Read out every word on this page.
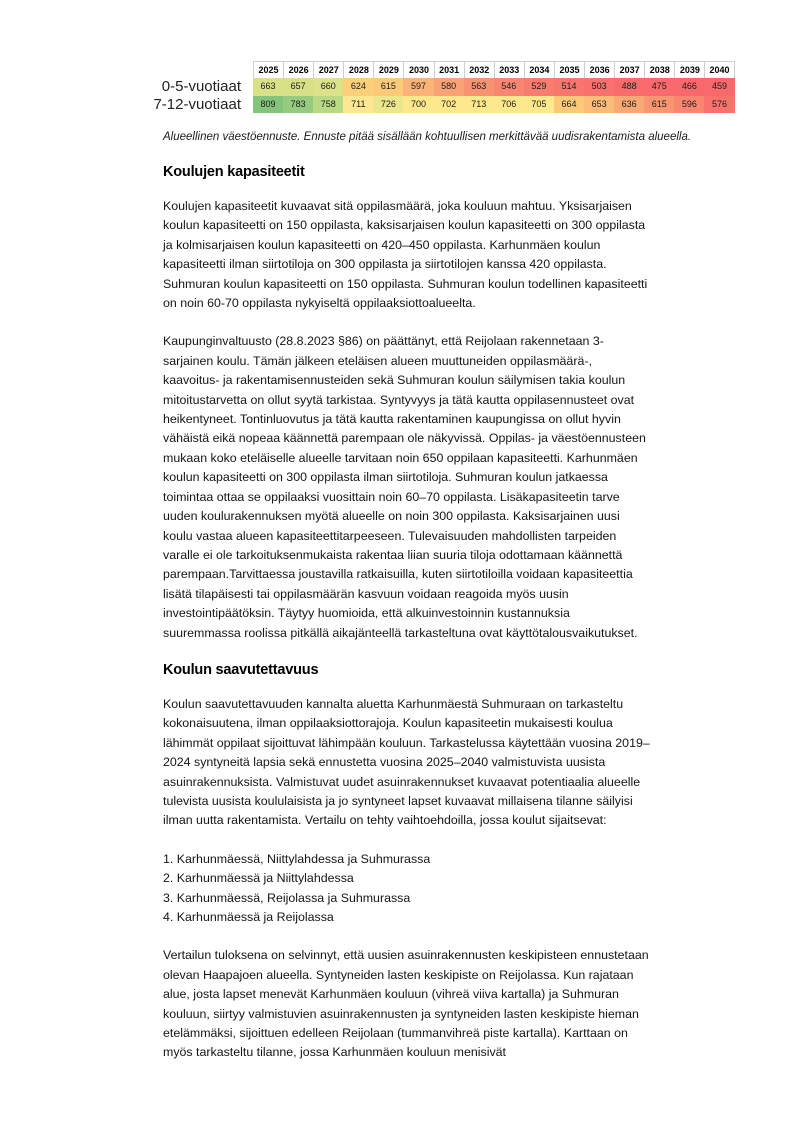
2025	2026	2027	2028	2029	2030	2031	2032	2033	2034	2035	2036	2037	2038	2039	2040
0-5-vuotiaat	663	657	660	624	615	597	580	563	546	529	514	503	488	475	466	459
7-12-vuotiaat	809	783	758	711	726	700	702	713	706	705	664	653	636	615	596	576
Alueellinen väestöennuste. Ennuste pitää sisällään kohtuullisen merkittävää uudisrakentamista alueella.
Koulujen kapasiteetit

Koulujen kapasiteetit kuvaavat sitä oppilasmäärä, joka kouluun mahtuu. Yksisarjaisen koulun kapasiteetti on 150 oppilasta, kaksisarjaisen koulun kapasiteetti on 300 oppilasta ja kolmisarjaisen koulun kapasiteetti on 420–450 oppilasta. Karhunmäen koulun kapasiteetti ilman siirtotiloja on 300 oppilasta ja siirtotilojen kanssa 420 oppilasta. Suhmuran koulun kapasiteetti on 150 oppilasta. Suhmuran koulun todellinen kapasiteetti on noin 60-70 oppilasta nykyiseltä oppilaaksiottoalueelta.

Kaupunginvaltuusto (28.8.2023 §86) on päättänyt, että Reijolaan rakennetaan 3-sarjainen koulu. Tämän jälkeen eteläisen alueen muuttuneiden oppilasmäärä-, kaavoitus- ja rakentamisennusteiden sekä Suhmuran koulun säilymisen takia koulun mitoitustarvetta on ollut syytä tarkistaa. Syntyvyys ja tätä kautta oppilasennusteet ovat heikentyneet. Tontinluovutus ja tätä kautta rakentaminen kaupungissa on ollut hyvin vähäistä eikä nopeaa käännettä parempaan ole näkyvissä. Oppilas- ja väestöennusteen mukaan koko eteläiselle alueelle tarvitaan noin 650 oppilaan kapasiteetti. Karhunmäen koulun kapasiteetti on 300 oppilasta ilman siirtotiloja. Suhmuran koulun jatkaessa toimintaa ottaa se oppilaaksi vuosittain noin 60–70 oppilasta. Lisäkapasiteetin tarve uuden koulurakennuksen myötä alueelle on noin 300 oppilasta. Kaksisarjainen uusi koulu vastaa alueen kapasiteettitarpeeseen. Tulevaisuuden mahdollisten tarpeiden varalle ei ole tarkoituksenmukaista rakentaa liian suuria tiloja odottamaan käännettä parempaan.Tarvittaessa joustavilla ratkaisuilla, kuten siirtotiloilla voidaan kapasiteettia lisätä tilapäisesti tai oppilasmäärän kasvuun voidaan reagoida myös uusin investointipäätöksin. Täytyy huomioida, että alkuinvestoinnin kustannuksia suuremmassa roolissa pitkällä aikajänteellä tarkasteltuna ovat käyttötalousvaikutukset.

Koulun saavutettavuus

Koulun saavutettavuuden kannalta aluetta Karhunmäestä Suhmuraan on tarkasteltu kokonaisuutena, ilman oppilaaksiottorajoja. Koulun kapasiteetin mukaisesti koulua lähimmät oppilaat sijoittuvat lähimpään kouluun. Tarkastelussa käytettään vuosina 2019–2024 syntyneitä lapsia sekä ennustetta vuosina 2025–2040 valmistuvista uusista asuinrakennuksista. Valmistuvat uudet asuinrakennukset kuvaavat potentiaalia alueelle tulevista uusista koululaisista ja jo syntyneet lapset kuvaavat millaisena tilanne säilyisi ilman uutta rakentamista. Vertailu on tehty vaihtoehdoilla, jossa koulut sijaitsevat:

1. Karhunmäessä, Niittylahdessa ja Suhmurassa
2. Karhunmäessä ja Niittylahdessa
3. Karhunmäessä, Reijolassa ja Suhmurassa
4. Karhunmäessä ja Reijolassa

Vertailun tuloksena on selvinnyt, että uusien asuinrakennusten keskipisteen ennustetaan olevan Haapajoen alueella. Syntyneiden lasten keskipiste on Reijolassa. Kun rajataan alue, josta lapset menevät Karhunmäen kouluun (vihreä viiva kartalla) ja Suhmuran kouluun, siirtyy valmistuvien asuinrakennusten ja syntyneiden lasten keskipiste hieman etelämmäksi, sijoittuen edelleen Reijolaan (tummanvihreä piste kartalla). Karttaan on myös tarkasteltu tilanne, jossa Karhunmäen kouluun menisivät
